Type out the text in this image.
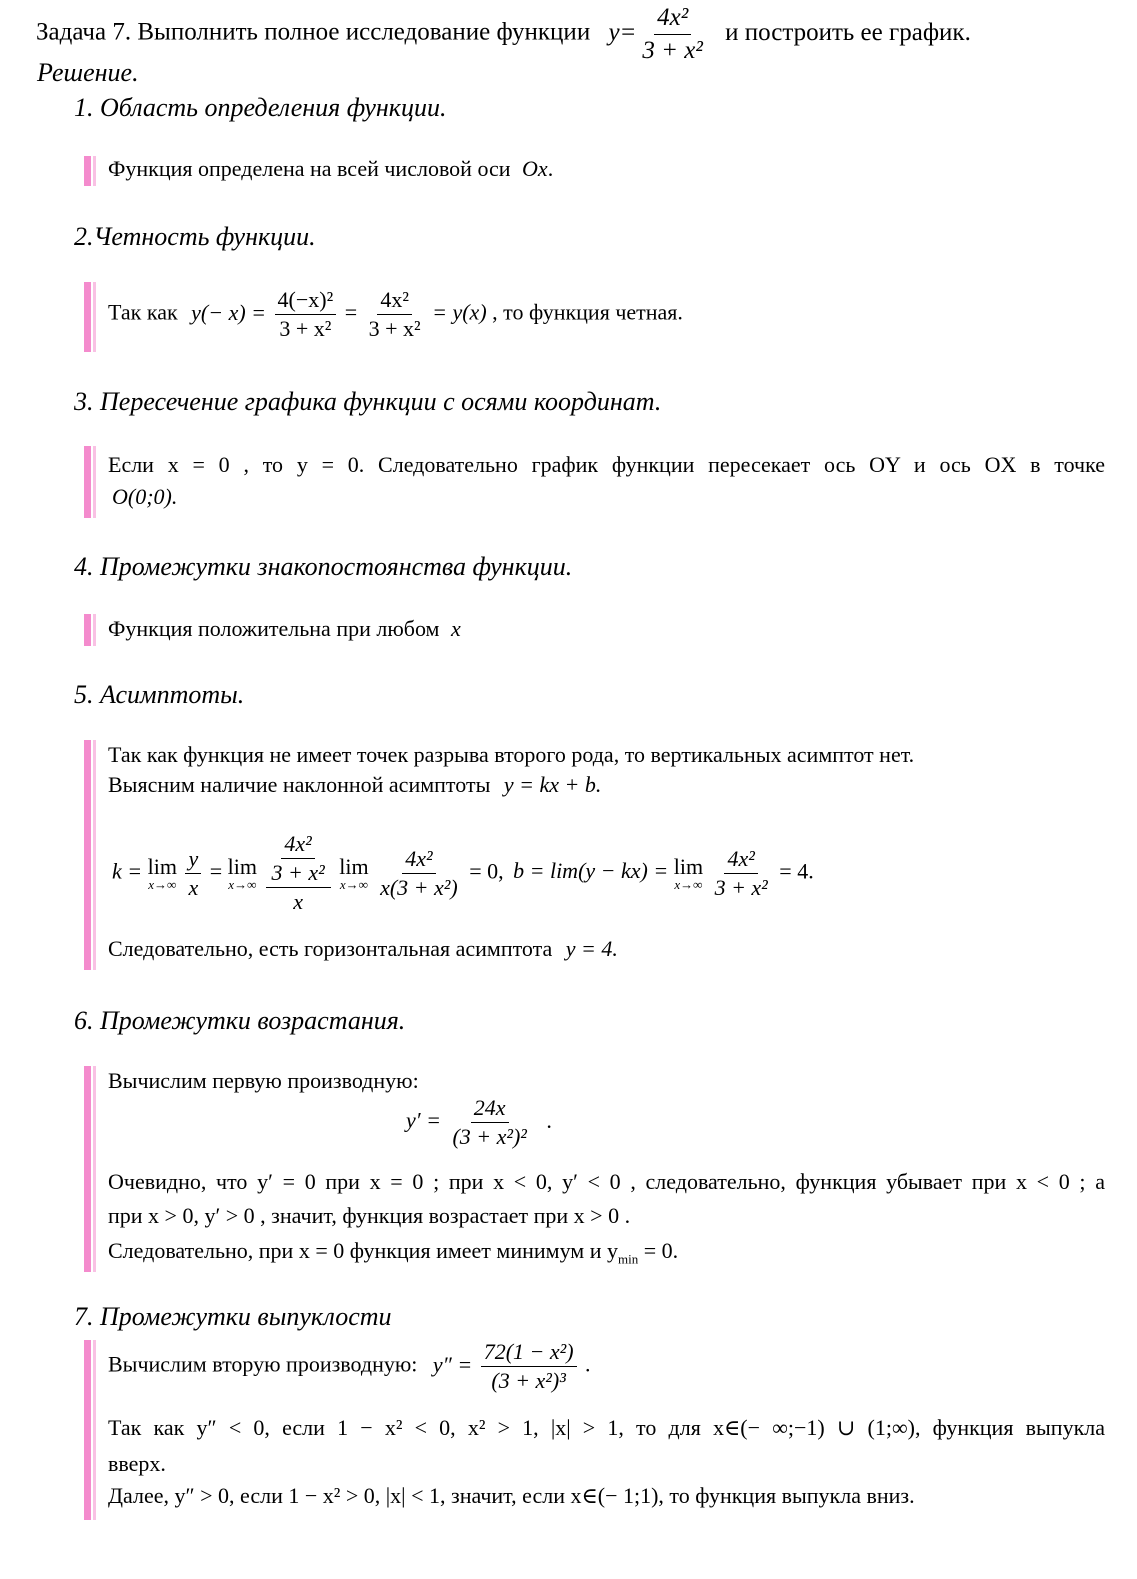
Задача 7. Выполнить полное исследование функции $y= \frac{\text{4x²}}{\text{3 + x²}}$ и построить ее график.
Решение.
1. Область определения функции.
Функция определена на всей числовой оси Ox.
2.Четность функции.
Так как $y(- x) = \frac{\text{4(−x)²}}{\text{3 + x²}} = \frac{\text{4x²}}{\text{3 + x²}} = y(x)$ , то функция четная.
3. Пересечение графика функции с осями координат.
Если x = 0 , то y = 0. Следовательно график функции пересекает ось OY и ось OX в точке
O(0;0).
4. Промежутки знакопостоянства функции.
Функция положительна при любом x
5. Асимптоты.
Так как функция не имеет точек разрыва второго рода, то вертикальных асимптот нет.
Выясним наличие наклонной асимптоты y = kx + b.
k = lim
x→∞
$\frac{y}{x} = \lim$
x→∞
$\frac{\frac{\text{4x²}}{\text{3 + x²}}}{x}$
lim
x→∞
$\frac{\text{4x²}}{\text{x(3 + x²)}} = 0$, b = lim(y − kx) = lim
x→∞
$\frac{\text{4x²}}{\text{3 + x²}} = 4$.
Следовательно, есть горизонтальная асимптота y = 4.
6. Промежутки возрастания.
Вычислим первую производную:
$y' = \frac{24x}{\text{(3 + x²)²}}$ .
Очевидно, что y′ = 0 при x = 0 ; при x < 0, y′ < 0 , следовательно, функция убывает при x < 0 ; а
при x > 0, y′ > 0 , значит, функция возрастает при x > 0 .
Следовательно, при x = 0 функция имеет минимум и $y_{min} = 0$.
7. Промежутки выпуклости
Вычислим вторую производную: $y'' = \frac{\text{72(1 − x²)}}{\text{(3 + x²)³}}$ .
Так как y″ < 0, если 1 − x² < 0, x² > 1, |x| > 1, то для x∈(− ∞;−1) ∪ (1;∞), функция выпукла
вверх.
Далее, y″ > 0, если 1 − x² > 0, |x| < 1, значит, если x∈(− 1;1), то функция выпукла вниз.
